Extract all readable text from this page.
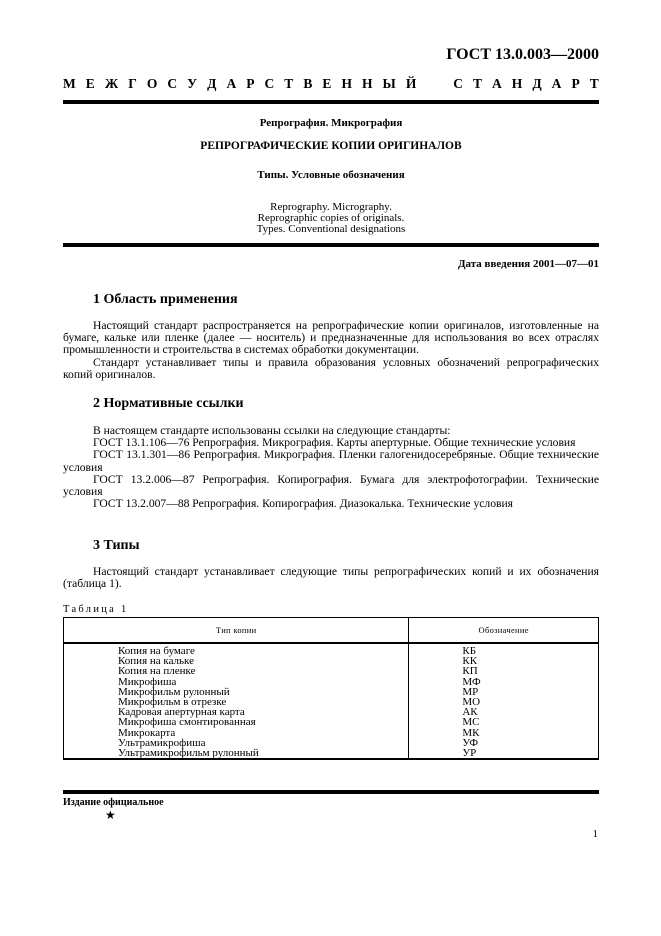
ГОСТ 13.0.003—2000
М Е Ж Г О С У Д А Р С Т В Е Н Н Ы Й

	С Т А Н Д А Р Т
Репрография. Микрография
РЕПРОГРАФИЧЕСКИЕ КОПИИ ОРИГИНАЛОВ
Типы. Условные обозначения
Reprography. Micrography.
Reprographic copies of originals.
Types. Conventional designations
Дата введения 2001—07—01
1 Область применения

Настоящий стандарт распространяется на репрографические копии оригиналов, изготовленные на бумаге, кальке или пленке (далее — носитель) и предназначенные для использования во всех отраслях промышленности и строительства в системах обработки документации.

Стандарт устанавливает типы и правила образования условных обозначений репрографических копий оригиналов.

2 Нормативные ссылки

В настоящем стандарте использованы ссылки на следующие стандарты:

ГОСТ 13.1.106—76 Репрография. Микрография. Карты апертурные. Общие технические условия

ГОСТ 13.1.301—86 Репрография. Микрография. Пленки галогенидосеребряные. Общие технические условия

ГОСТ 13.2.006—87 Репрография. Копирография. Бумага для электрофотографии. Технические условия

ГОСТ 13.2.007—88 Репрография. Копирография. Диазокалька. Технические условия

3 Типы

Настоящий стандарт устанавливает следующие типы репрографических копий и их обозначения (таблица 1).

Таблица 1
Тип копии	Обозначение
Копия на бумаге	КБ
Копия на кальке	КК
Копия на пленке	КП
Микрофиша	МФ
Микрофильм рулонный	МР
Микрофильм в отрезке	МО
Кадровая апертурная карта	АК
Микрофиша смонтированная	МС
Микрокарта	МК
Ультрамикрофиша	УФ
Ультрамикрофильм рулонный	УР
Издание официальное
★
1
